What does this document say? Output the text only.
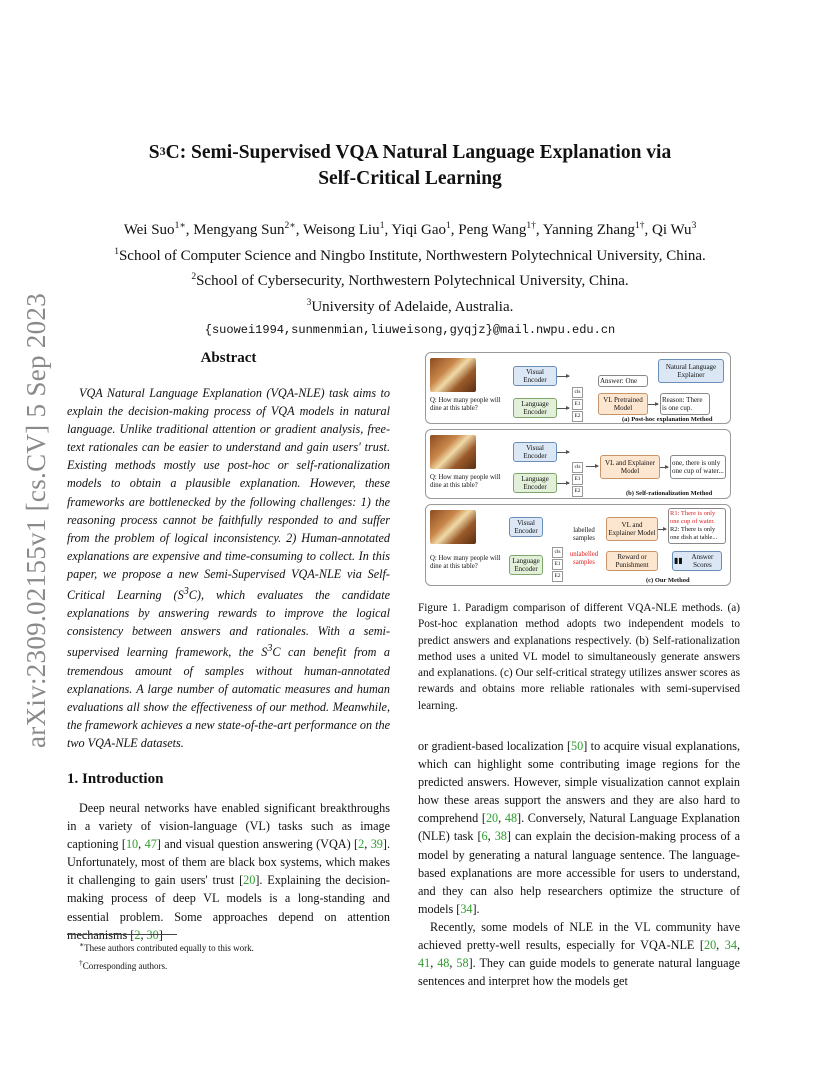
arXiv:2309.02155v1 [cs.CV] 5 Sep 2023
$S^3C$: Semi-Supervised VQA Natural Language Explanation via
Self-Critical Learning
Wei Suo$^{1∗}$, Mengyang Sun$^{2∗}$, Weisong Liu$^1$, Yiqi Gao$^1$, Peng Wang$^{1\dagger}$, Yanning Zhang$^{1\dagger}$, Qi Wu$^3$
$^1$School of Computer Science and Ningbo Institute, Northwestern Polytechnical University, China.
$^2$School of Cybersecurity, Northwestern Polytechnical University, China.
$^3$University of Adelaide, Australia.
{suowei1994,sunmenmian,liuweisong,gyqjz}@mail.nwpu.edu.cn
Abstract
VQA Natural Language Explanation (VQA-NLE) task aims to explain the decision-making process of VQA models in natural language. Unlike traditional attention or gradient analysis, free-text rationales can be easier to understand and gain users' trust. Existing methods mostly use post-hoc or self-rationalization models to obtain a plausible explanation. However, these frameworks are bottlenecked by the following challenges: 1) the reasoning process cannot be faithfully responded to and suffer from the problem of logical inconsistency. 2) Human-annotated explanations are expensive and time-consuming to collect. In this paper, we propose a new Semi-Supervised VQA-NLE via Self-Critical Learning $(S^3C)$, which evaluates the candidate explanations by answering rewards to improve the logical consistency between answers and rationales. With a semi-supervised learning framework, the $S^3C$ can benefit from a tremendous amount of samples without human-annotated explanations. A large number of automatic measures and human evaluations all show the effectiveness of our method. Meanwhile, the framework achieves a new state-of-the-art performance on the two VQA-NLE datasets.
1. Introduction
Deep neural networks have enabled significant breakthroughs in a variety of vision-language (VL) tasks such as image captioning [10, 47] and visual question answering (VQA) [2, 39]. Unfortunately, most of them are black box systems, which makes it challenging to gain users' trust [20]. Explaining the decision-making process of deep VL models is a long-standing and essential problem. Some approaches depend on attention mechanisms [2, 30]
∗These authors contributed equally to this work.
†Corresponding authors.
Q: How many people will dine at this table?
Visual Encoder
Language Encoder
cls
E1
E2
Answer: One
VL Pretrained Model
Reason: There is one cup.
Natural Language Explainer
(a) Post-hoc explanation Method
Q: How many people will dine at this table?
Visual Encoder
Language Encoder
cls
E1
E2
VL and Explainer Model
one, there is only one cup of water...
(b) Self-rationalization Method
Q: How many people will dine at this table?
Visual Encoder
Language Encoder
cls
E1
E2
labelled samples
unlabelled samples
VL and Explainer Model
Reward or Punishment
R1: There is only one cup of water.
R2: There is only one dish at table...
▮▮	Answer Scores
(c) Our Method
Figure 1. Paradigm comparison of different VQA-NLE methods. (a) Post-hoc explanation method adopts two independent models to predict answers and explanations respectively. (b) Self-rationalization method uses a united VL model to simultaneously generate answers and explanations. (c) Our self-critical strategy utilizes answer scores as rewards and obtains more reliable rationales with semi-supervised learning.

or gradient-based localization [50] to acquire visual explanations, which can highlight some contributing image regions for the predicted answers. However, simple visualization cannot explain how these areas support the answers and they are also hard to comprehend [20, 48]. Conversely, Natural Language Explanation (NLE) task [6, 38] can explain the decision-making process of a model by generating a natural language sentence. The language-based explanations are more accessible for users to understand, and they can also help researchers optimize the structure of models [34].

Recently, some models of NLE in the VL community have achieved pretty-well results, especially for VQA-NLE [20, 34, 41, 48, 58]. They can guide models to generate natural language sentences and interpret how the models get
